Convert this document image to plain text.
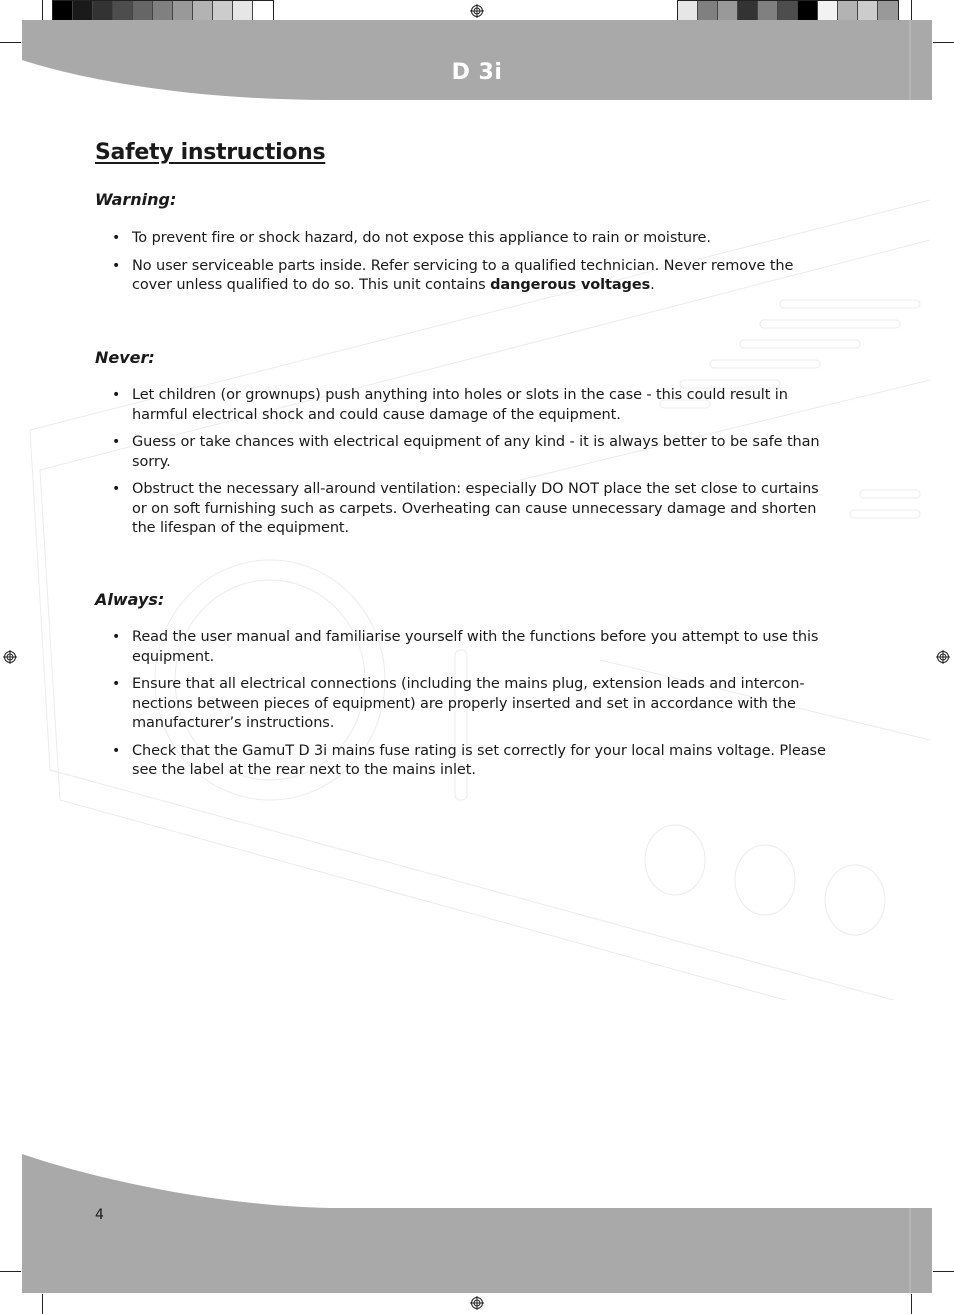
D 3i
Safety instructions
Warning:
• To prevent fire or shock hazard, do not expose this appliance to rain or moisture.
• No user serviceable parts inside. Refer servicing to a qualified technician. Never remove the cover unless qualified to do so. This unit contains dangerous voltages.
Never:
• Let children (or grownups) push anything into holes or slots in the case - this could result in harmful electrical shock and could cause damage of the equipment.
• Guess or take chances with electrical equipment of any kind - it is always better to be safe than sorry.
• Obstruct the necessary all-around ventilation: especially DO NOT place the set close to curtains or on soft furnishing such as carpets. Overheating can cause unnecessary damage and shorten the lifespan of the equipment.
Always:
• Read the user manual and familiarise yourself with the functions before you attempt to use this equipment.
• Ensure that all electrical connections (including the mains plug, extension leads and intercon-nections between pieces of equipment) are properly inserted and set in accordance with the manufacturer’s instructions.
• Check that the GamuT D 3i mains fuse rating is set correctly for your local mains voltage. Please see the label at the rear next to the mains inlet.
4
